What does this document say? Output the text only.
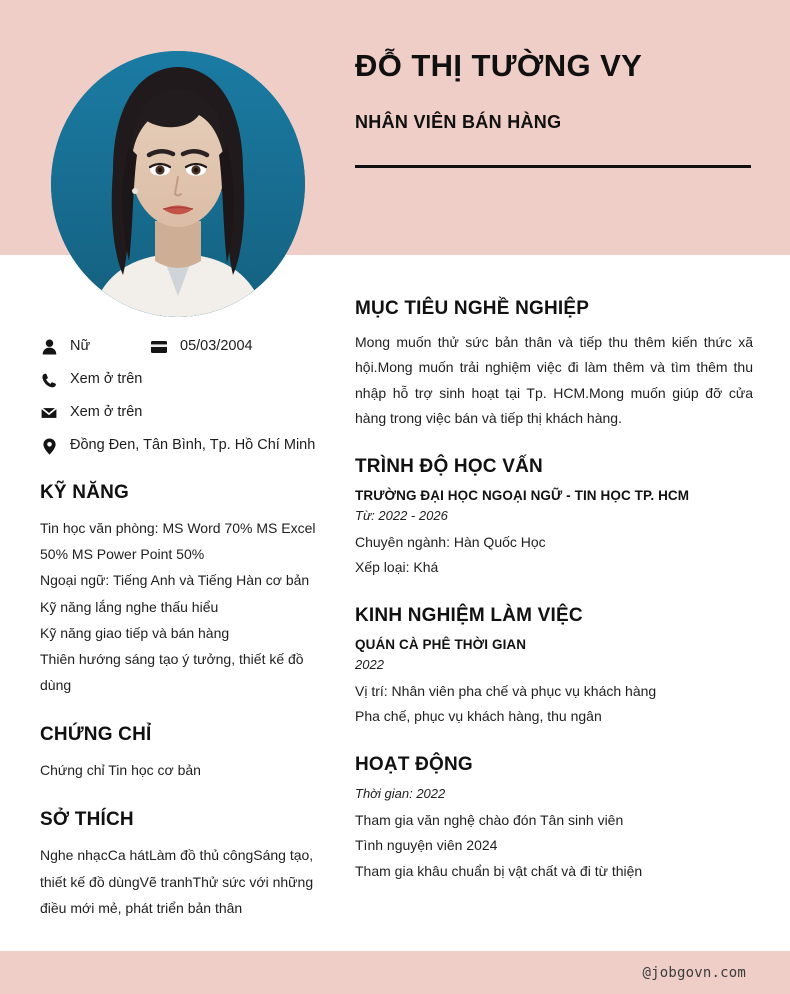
ĐỖ THỊ TƯỜNG VY
NHÂN VIÊN BÁN HÀNG
Nữ	05/03/2004
Xem ở trên
Xem ở trên
Đồng Đen, Tân Bình, Tp. Hồ Chí Minh
KỸ NĂNG

Tin học văn phòng: MS Word 70% MS Excel 50% MS Power Point 50%

Ngoại ngữ: Tiếng Anh và Tiếng Hàn cơ bản

Kỹ năng lắng nghe thấu hiểu

Kỹ năng giao tiếp và bán hàng

Thiên hướng sáng tạo ý tưởng, thiết kế đồ dùng

CHỨNG CHỈ

Chứng chỉ Tin học cơ bản

SỞ THÍCH

Nghe nhạcCa hátLàm đồ thủ côngSáng tạo, thiết kế đồ dùngVẽ tranhThử sức với những điều mới mẻ, phát triển bản thân

MỤC TIÊU NGHỀ NGHIỆP

Mong muốn thử sức bản thân và tiếp thu thêm kiến thức xã hội.Mong muốn trải nghiệm việc đi làm thêm và tìm thêm thu nhập hỗ trợ sinh hoạt tại Tp. HCM.Mong muốn giúp đỡ cửa hàng trong việc bán và tiếp thị khách hàng.

TRÌNH ĐỘ HỌC VẤN
TRƯỜNG ĐẠI HỌC NGOẠI NGỮ - TIN HỌC TP. HCM
Từ: 2022 - 2026

Chuyên ngành: Hàn Quốc Học

Xếp loại: Khá

KINH NGHIỆM LÀM VIỆC
QUÁN CÀ PHÊ THỜI GIAN
2022

Vị trí: Nhân viên pha chế và phục vụ khách hàng

Pha chế, phục vụ khách hàng, thu ngân

HOẠT ĐỘNG
Thời gian: 2022

Tham gia văn nghệ chào đón Tân sinh viên

Tình nguyện viên 2024

Tham gia khâu chuẩn bị vật chất và đi từ thiện

@jobgovn.com
